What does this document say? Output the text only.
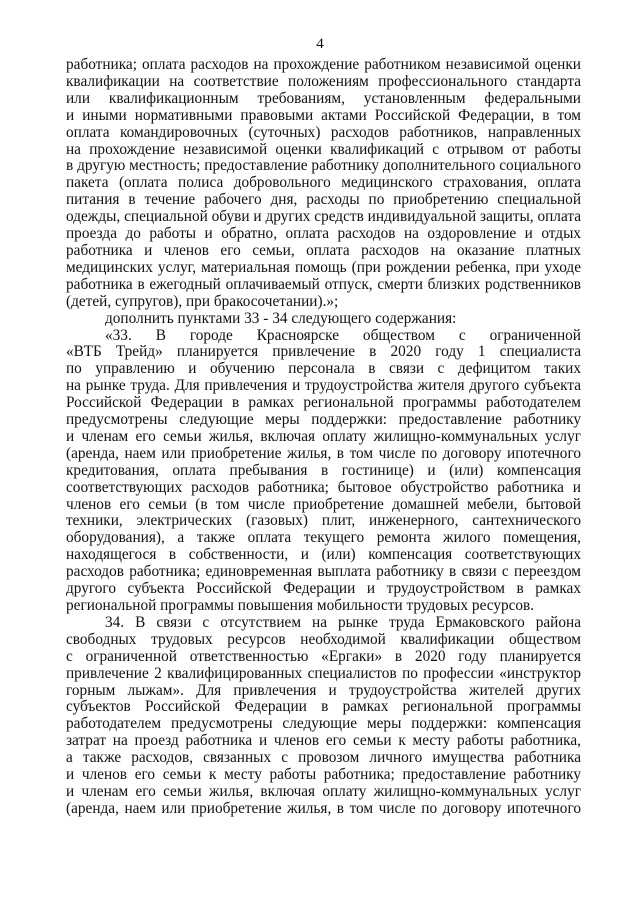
4
работника; оплата расходов на прохождение работником независимой оценки
квалификации на соответствие положениям профессионального стандарта
или квалификационным требованиям, установленным федеральными
и иными нормативными правовыми актами Российской Федерации, в том
оплата командировочных (суточных) расходов работников, направленных
на прохождение независимой оценки квалификаций с отрывом от работы
в другую местность; предоставление работнику дополнительного социального
пакета (оплата полиса добровольного медицинского страхования, оплата
питания в течение рабочего дня, расходы по приобретению специальной
одежды, специальной обуви и других средств индивидуальной защиты, оплата
проезда до работы и обратно, оплата расходов на оздоровление и отдых
работника и членов его семьи, оплата расходов на оказание платных
медицинских услуг, материальная помощь (при рождении ребенка, при уходе
работника в ежегодный оплачиваемый отпуск, смерти близких родственников
(детей, супругов), при бракосочетании).»;
дополнить пунктами 33 - 34 следующего содержания:
«33. В городе Красноярске обществом с ограниченной
«ВТБ Трейд» планируется привлечение в 2020 году 1 специалиста
по управлению и обучению персонала в связи с дефицитом таких
на рынке труда. Для привлечения и трудоустройства жителя другого субъекта
Российской Федерации в рамках региональной программы работодателем
предусмотрены следующие меры поддержки: предоставление работнику
и членам его семьи жилья, включая оплату жилищно-коммунальных услуг
(аренда, наем или приобретение жилья, в том числе по договору ипотечного
кредитования, оплата пребывания в гостинице) и (или) компенсация
соответствующих расходов работника; бытовое обустройство работника и
членов его семьи (в том числе приобретение домашней мебели, бытовой
техники, электрических (газовых) плит, инженерного, сантехнического
оборудования), а также оплата текущего ремонта жилого помещения,
находящегося в собственности, и (или) компенсация соответствующих
расходов работника; единовременная выплата работнику в связи с переездом
другого субъекта Российской Федерации и трудоустройством в рамках
региональной программы повышения мобильности трудовых ресурсов.
34. В связи с отсутствием на рынке труда Ермаковского района
свободных трудовых ресурсов необходимой квалификации обществом
с ограниченной ответственностью «Ергаки» в 2020 году планируется
привлечение 2 квалифицированных специалистов по профессии «инструктор
горным лыжам». Для привлечения и трудоустройства жителей других
субъектов Российской Федерации в рамках региональной программы
работодателем предусмотрены следующие меры поддержки: компенсация
затрат на проезд работника и членов его семьи к месту работы работника,
а также расходов, связанных с провозом личного имущества работника
и членов его семьи к месту работы работника; предоставление работнику
и членам его семьи жилья, включая оплату жилищно-коммунальных услуг
(аренда, наем или приобретение жилья, в том числе по договору ипотечного
